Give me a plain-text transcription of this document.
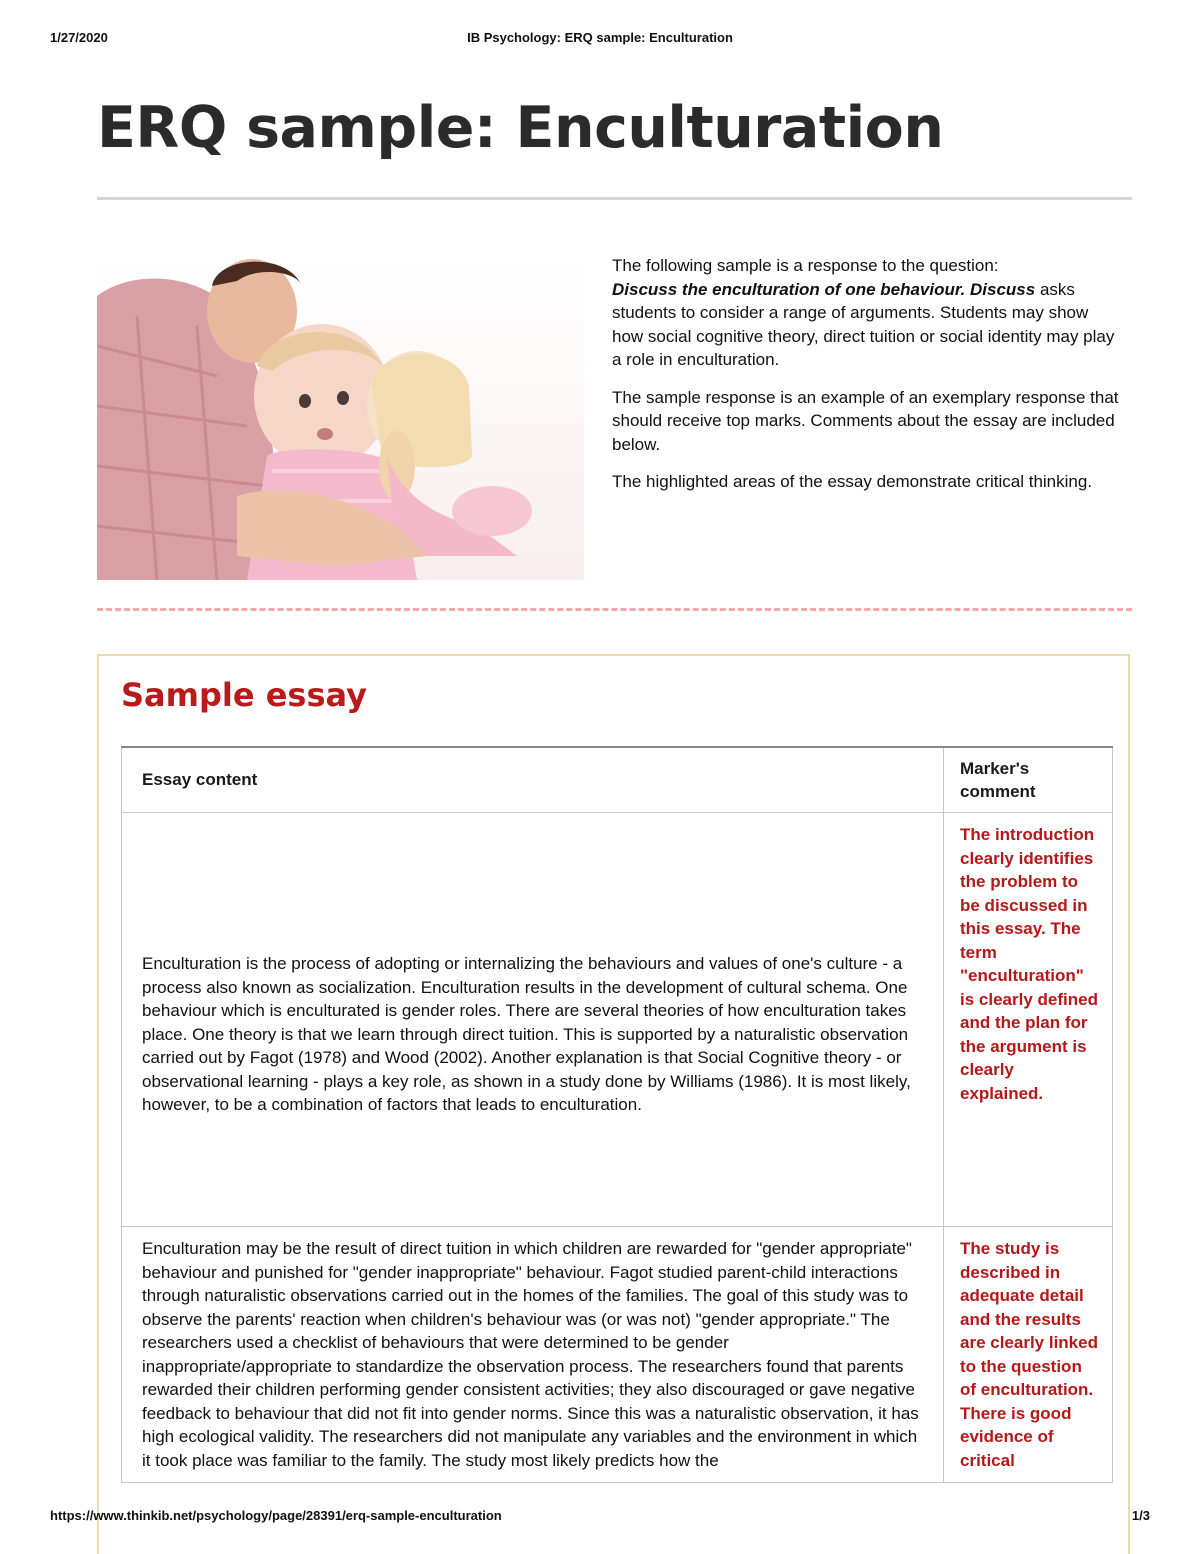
1/27/2020	IB Psychology: ERQ sample: Enculturation
ERQ sample: Enculturation

The following sample is a response to the question:
Discuss the enculturation of one behaviour. Discuss asks students to consider a range of arguments. Students may show how social cognitive theory, direct tuition or social identity may play a role in enculturation.

The sample response is an example of an exemplary response that should receive top marks. Comments about the essay are included below.

The highlighted areas of the essay demonstrate critical thinking.

Sample essay
Essay content	Marker's comment
Enculturation is the process of adopting or internalizing the behaviours and values of one's culture - a process also known as socialization. Enculturation results in the development of cultural schema. One behaviour which is enculturated is gender roles. There are several theories of how enculturation takes place. One theory is that we learn through direct tuition. This is supported by a naturalistic observation carried out by Fagot (1978) and Wood (2002). Another explanation is that Social Cognitive theory - or observational learning - plays a key role, as shown in a study done by Williams (1986). It is most likely, however, to be a combination of factors that leads to enculturation.	The introduction clearly identifies the problem to be discussed in this essay. The term "enculturation" is clearly defined and the plan for the argument is clearly explained.
Enculturation may be the result of direct tuition in which children are rewarded for "gender appropriate" behaviour and punished for "gender inappropriate" behaviour. Fagot studied parent-child interactions through naturalistic observations carried out in the homes of the families. The goal of this study was to observe the parents' reaction when children's behaviour was (or was not) "gender appropriate." The researchers used a checklist of behaviours that were determined to be gender inappropriate/appropriate to standardize the observation process. The researchers found that parents rewarded their children performing gender consistent activities; they also discouraged or gave negative feedback to behaviour that did not fit into gender norms. Since this was a naturalistic observation, it has high ecological validity. The researchers did not manipulate any variables and the environment in which it took place was familiar to the family. The study most likely predicts how the	The study is described in adequate detail and the results are clearly linked to the question of enculturation. There is good evidence of critical
https://www.thinkib.net/psychology/page/28391/erq-sample-enculturation	1/3
